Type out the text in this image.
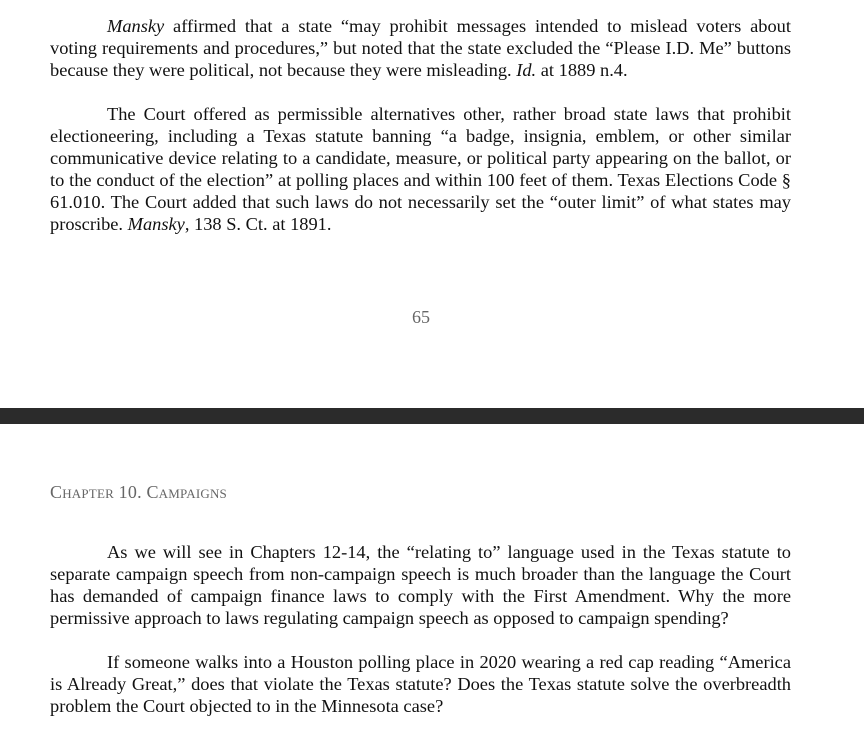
Mansky affirmed that a state “may prohibit messages intended to mislead voters about voting requirements and procedures,” but noted that the state excluded the “Please I.D. Me” buttons because they were political, not because they were misleading. Id. at 1889 n.4.

The Court offered as permissible alternatives other, rather broad state laws that prohibit electioneering, including a Texas statute banning “a badge, insignia, emblem, or other similar communicative device relating to a candidate, measure, or political party appearing on the ballot, or to the conduct of the election” at polling places and within 100 feet of them. Texas Elections Code § 61.010. The Court added that such laws do not necessarily set the “outer limit” of what states may proscribe. Mansky, 138 S. Ct. at 1891.

65
Chapter 10. Campaigns

As we will see in Chapters 12-14, the “relating to” language used in the Texas statute to separate campaign speech from non-campaign speech is much broader than the language the Court has demanded of campaign finance laws to comply with the First Amendment. Why the more permissive approach to laws regulating campaign speech as opposed to campaign spending?

If someone walks into a Houston polling place in 2020 wearing a red cap reading “America is Already Great,” does that violate the Texas statute? Does the Texas statute solve the overbreadth problem the Court objected to in the Minnesota case?
